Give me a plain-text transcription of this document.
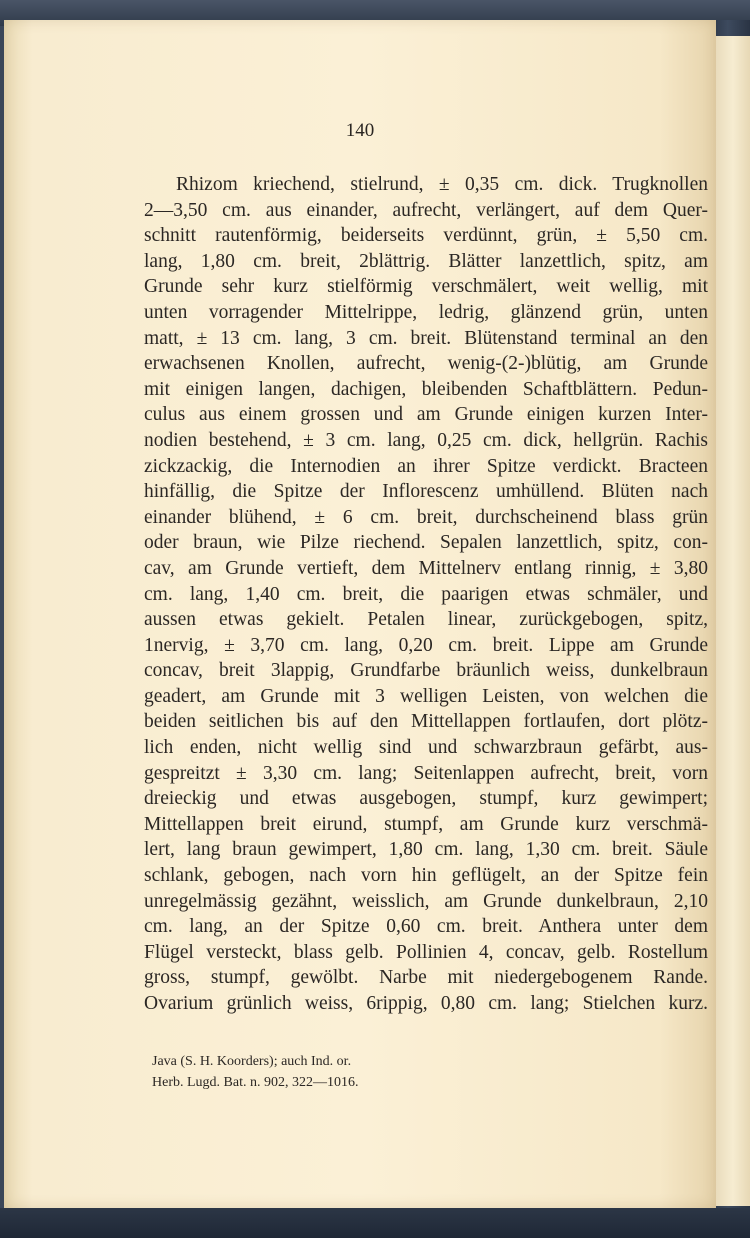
140
Rhizom kriechend, stielrund, ± 0,35 cm. dick. Trugknollen
2—3,50 cm. aus einander, aufrecht, verlängert, auf dem Quer-
schnitt rautenförmig, beiderseits verdünnt, grün, ± 5,50 cm.
lang, 1,80 cm. breit, 2blättrig. Blätter lanzettlich, spitz, am
Grunde sehr kurz stielförmig verschmälert, weit wellig, mit
unten vorragender Mittelrippe, ledrig, glänzend grün, unten
matt, ± 13 cm. lang, 3 cm. breit. Blütenstand terminal an den
erwachsenen Knollen, aufrecht, wenig-(2-)blütig, am Grunde
mit einigen langen, dachigen, bleibenden Schaftblättern. Pedun-
culus aus einem grossen und am Grunde einigen kurzen Inter-
nodien bestehend, ± 3 cm. lang, 0,25 cm. dick, hellgrün. Rachis
zickzackig, die Internodien an ihrer Spitze verdickt. Bracteen
hinfällig, die Spitze der Inflorescenz umhüllend. Blüten nach
einander blühend, ± 6 cm. breit, durchscheinend blass grün
oder braun, wie Pilze riechend. Sepalen lanzettlich, spitz, con-
cav, am Grunde vertieft, dem Mittelnerv entlang rinnig, ± 3,80
cm. lang, 1,40 cm. breit, die paarigen etwas schmäler, und
aussen etwas gekielt. Petalen linear, zurückgebogen, spitz,
1nervig, ± 3,70 cm. lang, 0,20 cm. breit. Lippe am Grunde
concav, breit 3lappig, Grundfarbe bräunlich weiss, dunkelbraun
geadert, am Grunde mit 3 welligen Leisten, von welchen die
beiden seitlichen bis auf den Mittellappen fortlaufen, dort plötz-
lich enden, nicht wellig sind und schwarzbraun gefärbt, aus-
gespreitzt ± 3,30 cm. lang; Seitenlappen aufrecht, breit, vorn
dreieckig und etwas ausgebogen, stumpf, kurz gewimpert;
Mittellappen breit eirund, stumpf, am Grunde kurz verschmä-
lert, lang braun gewimpert, 1,80 cm. lang, 1,30 cm. breit. Säule
schlank, gebogen, nach vorn hin geflügelt, an der Spitze fein
unregelmässig gezähnt, weisslich, am Grunde dunkelbraun, 2,10
cm. lang, an der Spitze 0,60 cm. breit. Anthera unter dem
Flügel versteckt, blass gelb. Pollinien 4, concav, gelb. Rostellum
gross, stumpf, gewölbt. Narbe mit niedergebogenem Rande.
Ovarium grünlich weiss, 6rippig, 0,80 cm. lang; Stielchen kurz.
Java (S. H. Koorders); auch Ind. or.
Herb. Lugd. Bat. n. 902, 322—1016.
